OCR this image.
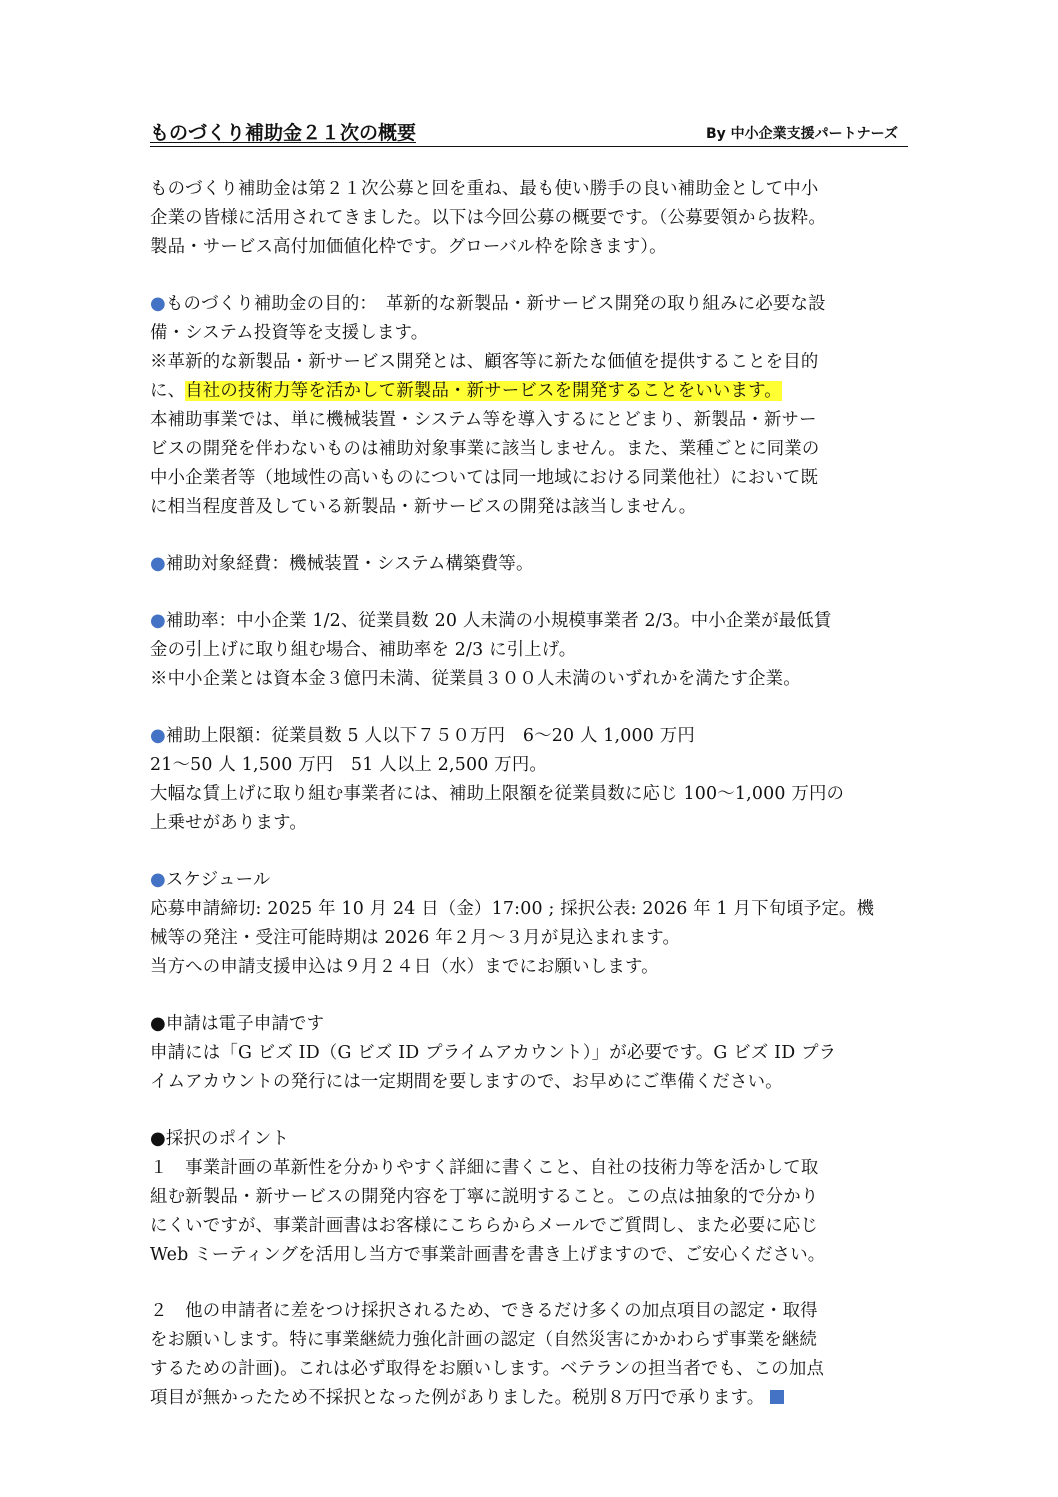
ものづくり補助金２１次の概要	By 中小企業支援パートナーズ
ものづくり補助金は第２１次公募と回を重ね、最も使い勝手の良い補助金として中小
企業の皆様に活用されてきました。以下は今回公募の概要です。（公募要領から抜粋。
製品・サービス高付加価値化枠です。グローバル枠を除きます）。
●ものづくり補助金の目的：　革新的な新製品・新サービス開発の取り組みに必要な設
備・システム投資等を支援します。
※革新的な新製品・新サービス開発とは、顧客等に新たな価値を提供することを目的
に、自社の技術力等を活かして新製品・新サービスを開発することをいいます。
本補助事業では、単に機械装置・システム等を導入するにとどまり、新製品・新サー
ビスの開発を伴わないものは補助対象事業に該当しません。また、業種ごとに同業の
中小企業者等（地域性の高いものについては同一地域における同業他社）において既
に相当程度普及している新製品・新サービスの開発は該当しません。
●補助対象経費：機械装置・システム構築費等。
●補助率：中小企業 1/2、従業員数 20 人未満の小規模事業者 2/3。中小企業が最低賃
金の引上げに取り組む場合、補助率を 2/3 に引上げ。
※中小企業とは資本金３億円未満、従業員３００人未満のいずれかを満たす企業。
●補助上限額：従業員数 5 人以下７５０万円　6～20 人 1,000 万円
21～50 人 1,500 万円　51 人以上 2,500 万円。
大幅な賃上げに取り組む事業者には、補助上限額を従業員数に応じ 100～1,000 万円の
上乗せがあります。
●スケジュール
応募申請締切: 2025 年 10 月 24 日（金）17:00 ; 採択公表: 2026 年 1 月下旬頃予定。機
械等の発注・受注可能時期は 2026 年２月～３月が見込まれます。
当方への申請支援申込は９月２４日（水）までにお願いします。
●申請は電子申請です
申請には「G ビズ ID（G ビズ ID プライムアカウント）」が必要です。G ビズ ID プラ
イムアカウントの発行には一定期間を要しますので、お早めにご準備ください。
●採択のポイント
１　事業計画の革新性を分かりやすく詳細に書くこと、自社の技術力等を活かして取
組む新製品・新サービスの開発内容を丁寧に説明すること。この点は抽象的で分かり
にくいですが、事業計画書はお客様にこちらからメールでご質問し、また必要に応じ
Web ミーティングを活用し当方で事業計画書を書き上げますので、ご安心ください。
２　他の申請者に差をつけ採択されるため、できるだけ多くの加点項目の認定・取得
をお願いします。特に事業継続力強化計画の認定（自然災害にかかわらず事業を継続
するための計画)。これは必ず取得をお願いします。ベテランの担当者でも、この加点
項目が無かったため不採択となった例がありました。税別８万円で承ります。
